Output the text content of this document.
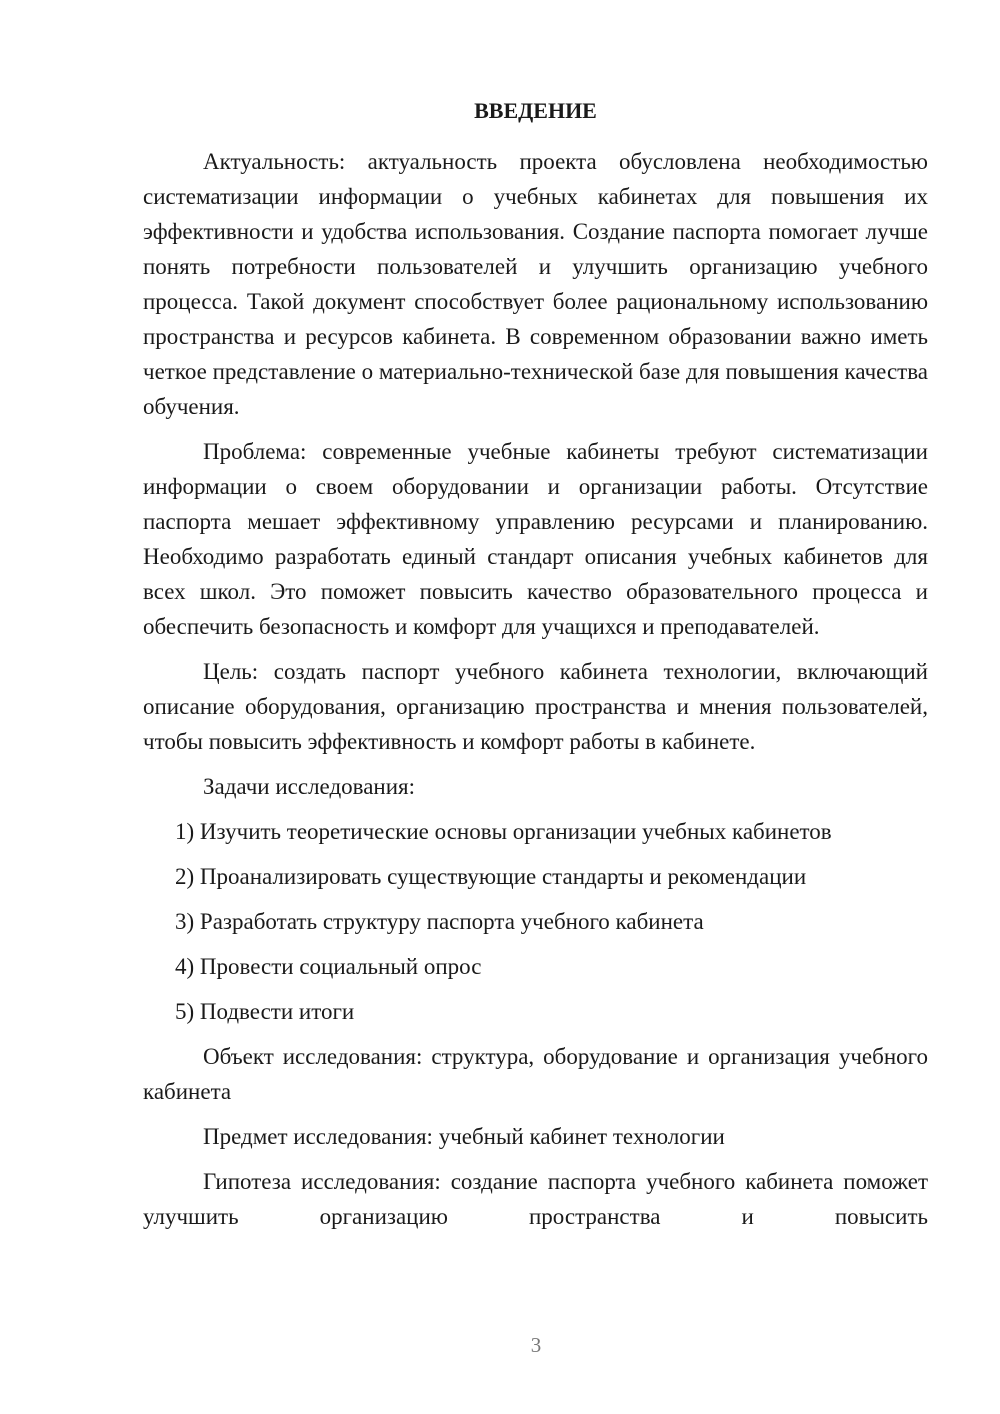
ВВЕДЕНИЕ

Актуальность: актуальность проекта обусловлена необходимостью систематизации информации о учебных кабинетах для повышения их эффективности и удобства использования. Создание паспорта помогает лучше понять потребности пользователей и улучшить организацию учебного процесса. Такой документ способствует более рациональному использованию пространства и ресурсов кабинета. В современном образовании важно иметь четкое представление о материально-технической базе для повышения качества обучения.

Проблема: современные учебные кабинеты требуют систематизации информации о своем оборудовании и организации работы. Отсутствие паспорта мешает эффективному управлению ресурсами и планированию. Необходимо разработать единый стандарт описания учебных кабинетов для всех школ. Это поможет повысить качество образовательного процесса и обеспечить безопасность и комфорт для учащихся и преподавателей.

Цель: создать паспорт учебного кабинета технологии, включающий описание оборудования, организацию пространства и мнения пользователей, чтобы повысить эффективность и комфорт работы в кабинете.

Задачи исследования:

1) Изучить теоретические основы организации учебных кабинетов
2) Проанализировать существующие стандарты и рекомендации
3) Разработать структуру паспорта учебного кабинета
4) Провести социальный опрос
5) Подвести итоги

Объект исследования: структура, оборудование и организация учебного кабинета

Предмет исследования: учебный кабинет технологии

Гипотеза исследования: создание паспорта учебного кабинета поможет улучшить организацию пространства и повысить

3
